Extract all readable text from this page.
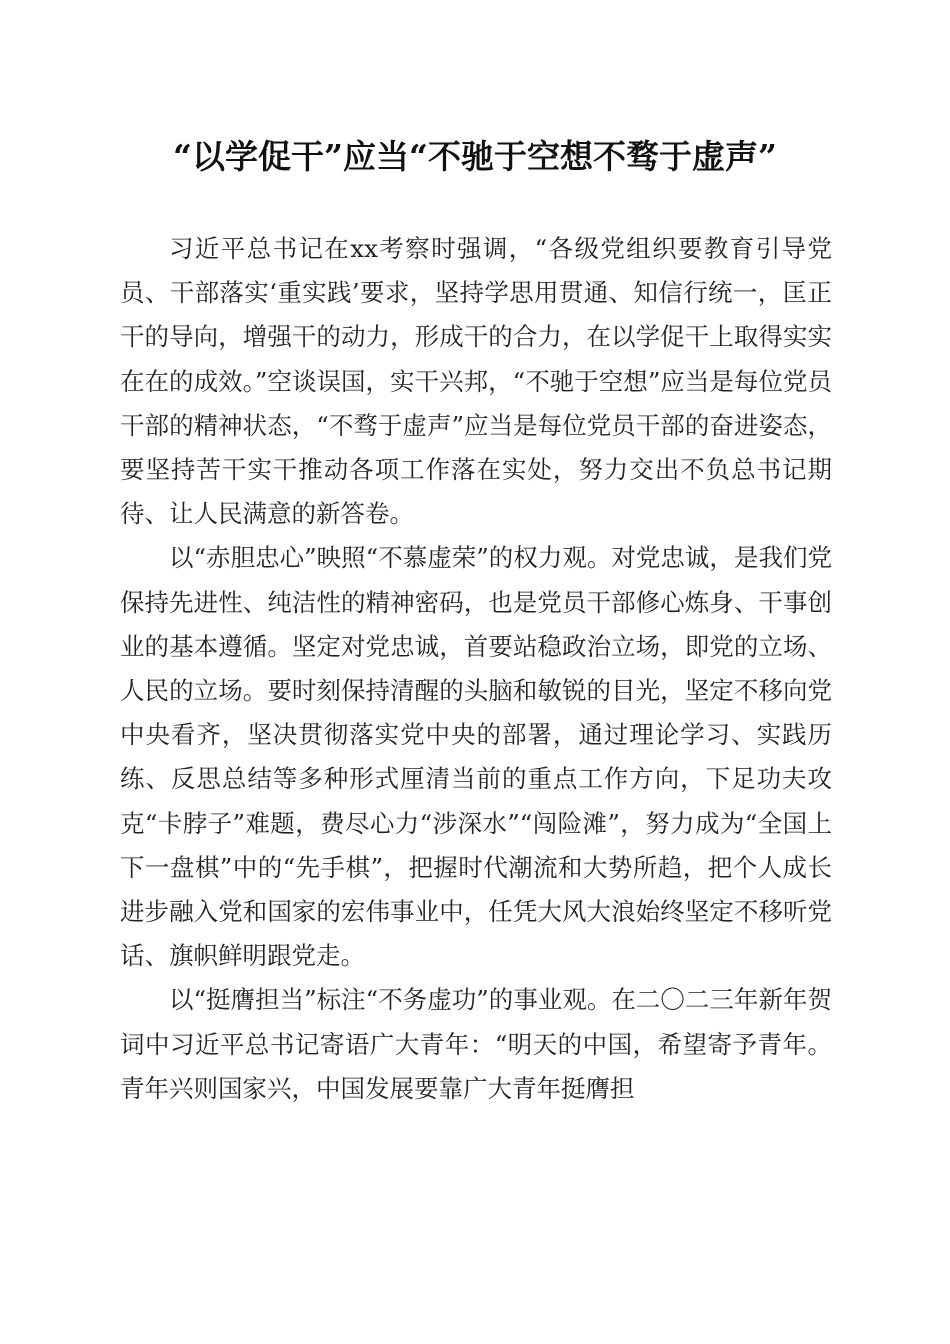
“以学促干”应当“不驰于空想不骛于虚声”

习近平总书记在xx考察时强调，“各级党组织要教育引导党员、干部落实‘重实践’要求，坚持学思用贯通、知信行统一，匡正干的导向，增强干的动力，形成干的合力，在以学促干上取得实实在在的成效。”空谈误国，实干兴邦，“不驰于空想”应当是每位党员干部的精神状态，“不骛于虚声”应当是每位党员干部的奋进姿态，要坚持苦干实干推动各项工作落在实处，努力交出不负总书记期待、让人民满意的新答卷。

以“赤胆忠心”映照“不慕虚荣”的权力观。对党忠诚，是我们党保持先进性、纯洁性的精神密码，也是党员干部修心炼身、干事创业的基本遵循。坚定对党忠诚，首要站稳政治立场，即党的立场、人民的立场。要时刻保持清醒的头脑和敏锐的目光，坚定不移向党中央看齐，坚决贯彻落实党中央的部署，通过理论学习、实践历练、反思总结等多种形式厘清当前的重点工作方向，下足功夫攻克“卡脖子”难题，费尽心力“涉深水”“闯险滩”，努力成为“全国上下一盘棋”中的“先手棋”，把握时代潮流和大势所趋，把个人成长进步融入党和国家的宏伟事业中，任凭大风大浪始终坚定不移听党话、旗帜鲜明跟党走。

以“挺膺担当”标注“不务虚功”的事业观。在二〇二三年新年贺词中习近平总书记寄语广大青年：“明天的中国，希望寄予青年。青年兴则国家兴，中国发展要靠广大青年挺膺担
